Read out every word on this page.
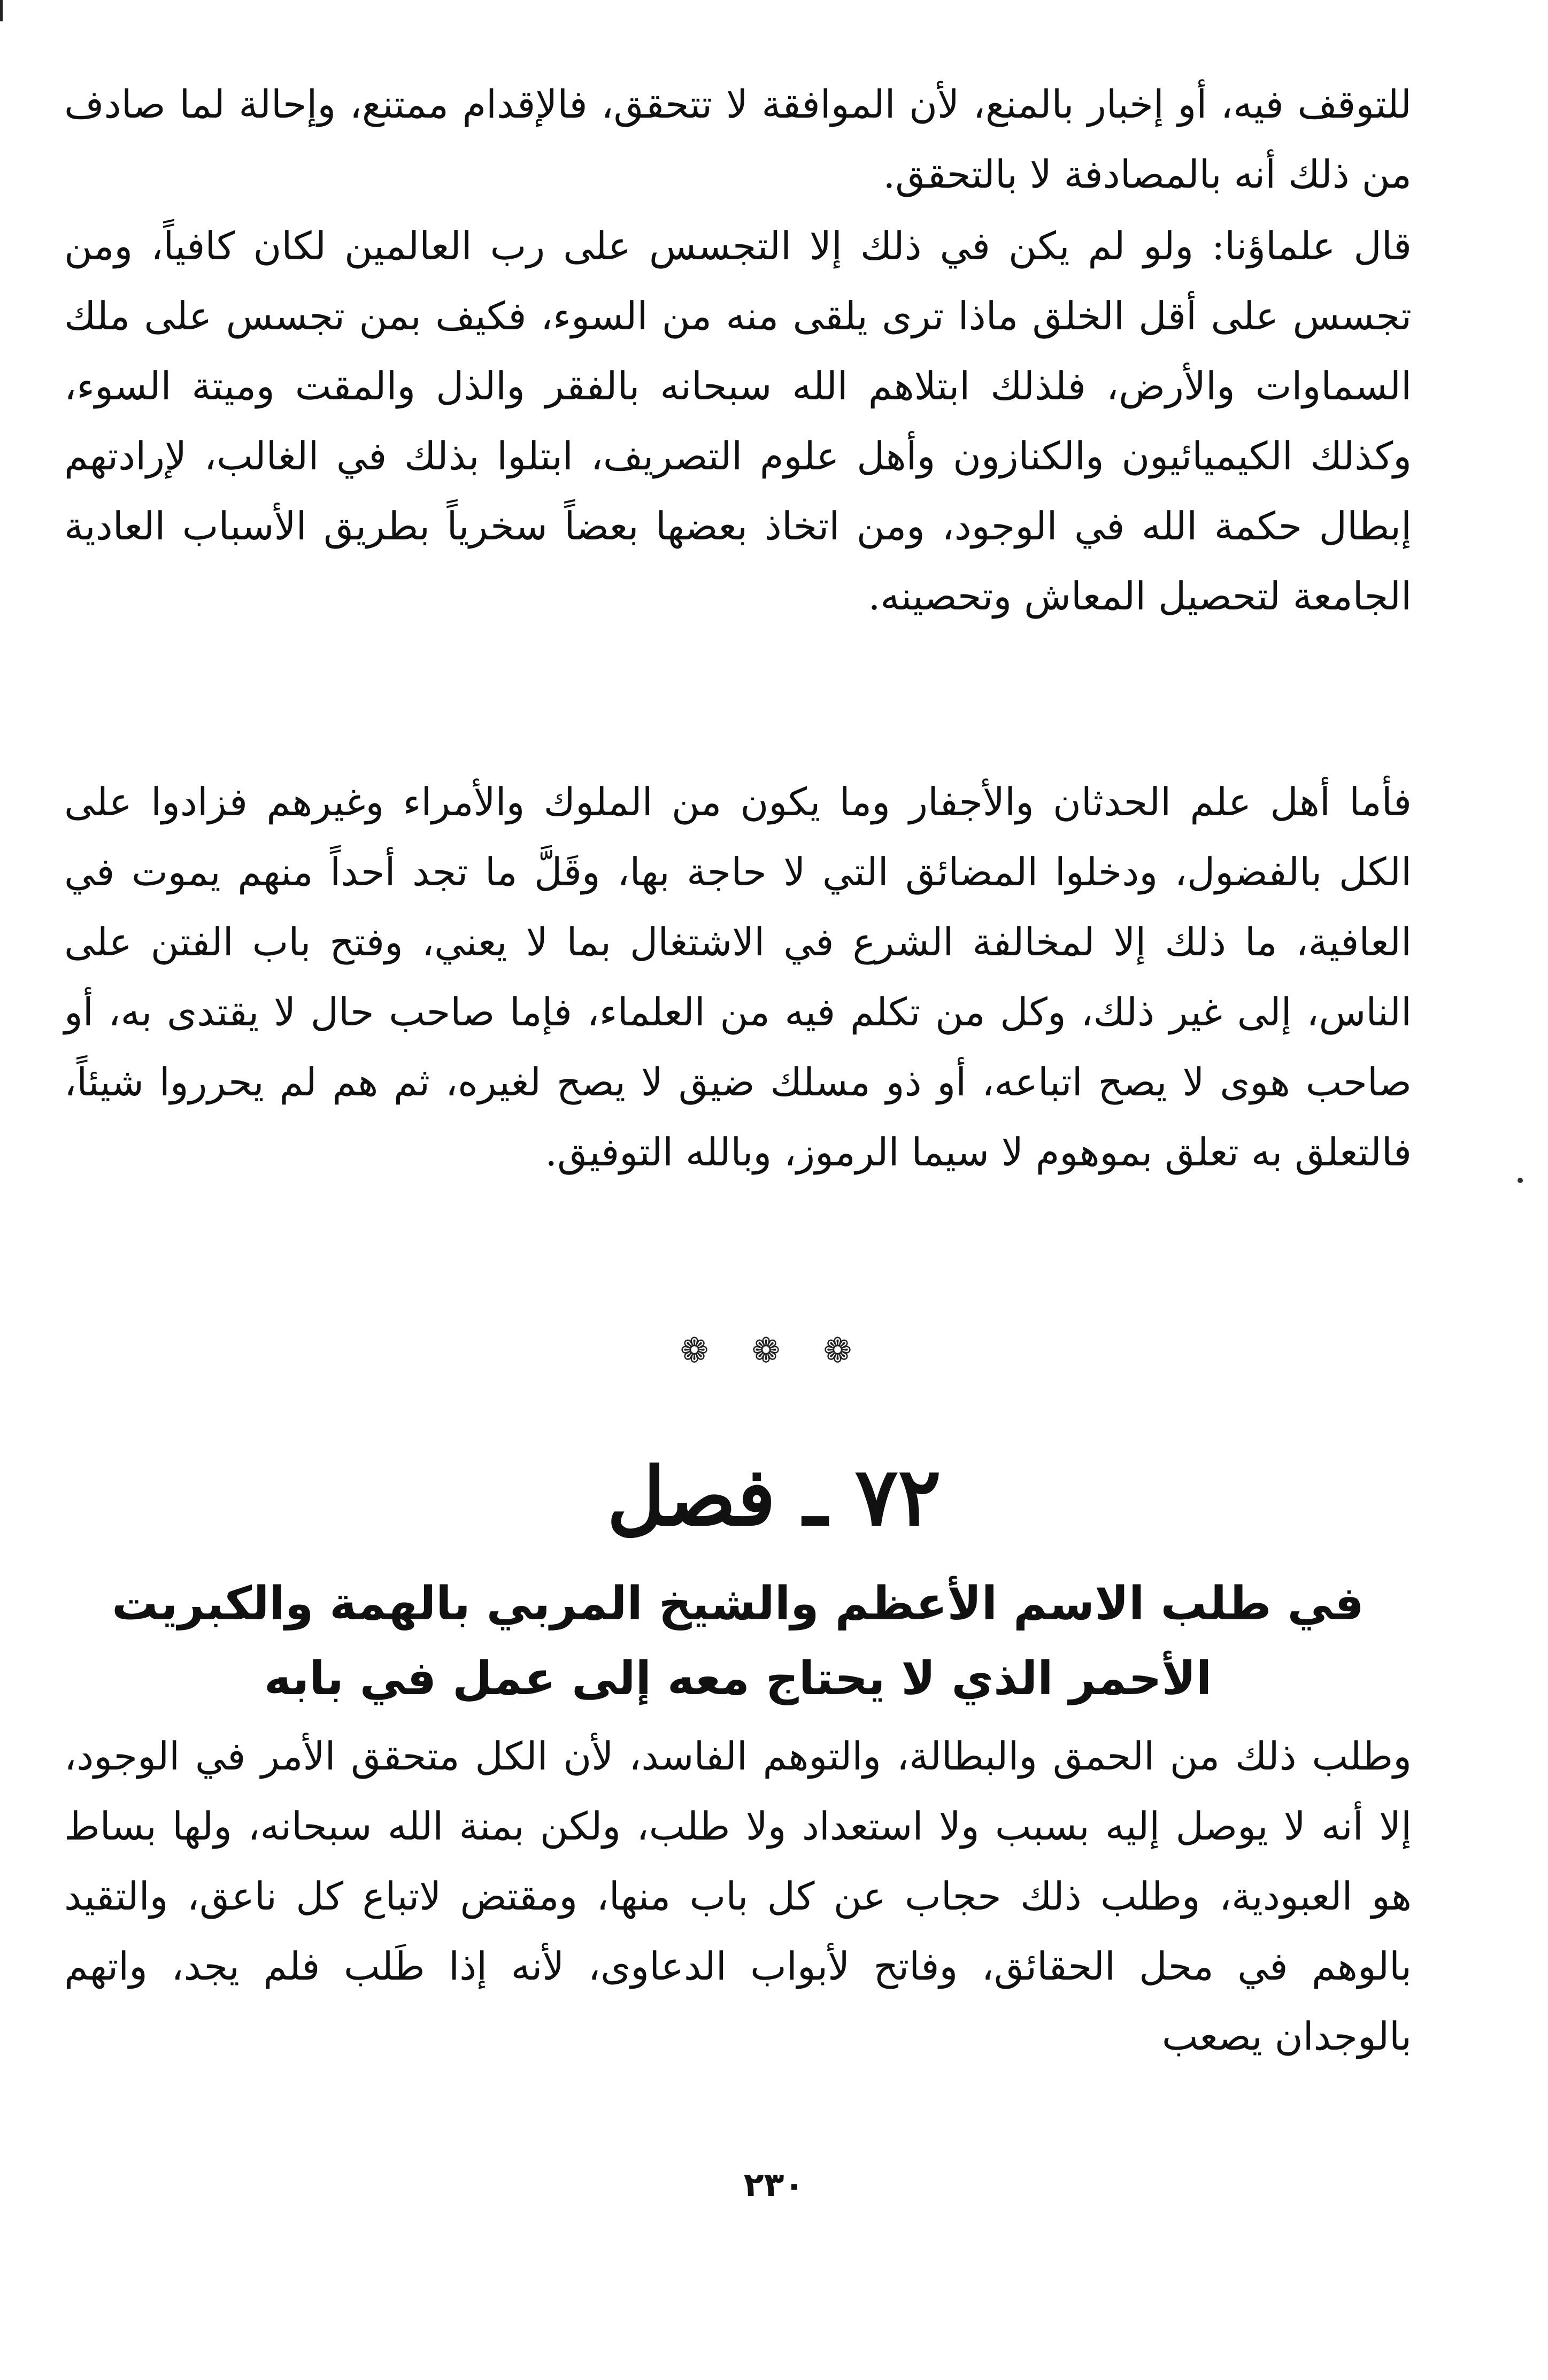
للتوقف فيه، أو إخبار بالمنع، لأن الموافقة لا تتحقق، فالإقدام ممتنع، وإحالة لما صادف من ذلك أنه بالمصادفة لا بالتحقق.

قال علماؤنا: ولو لم يكن في ذلك إلا التجسس على رب العالمين لكان كافياً، ومن تجسس على أقل الخلق ماذا ترى يلقى منه من السوء، فكيف بمن تجسس على ملك السماوات والأرض، فلذلك ابتلاهم الله سبحانه بالفقر والذل والمقت وميتة السوء، وكذلك الكيميائيون والكنازون وأهل علوم التصريف، ابتلوا بذلك في الغالب، لإرادتهم إبطال حكمة الله في الوجود، ومن اتخاذ بعضها بعضاً سخرياً بطريق الأسباب العادية الجامعة لتحصيل المعاش وتحصينه.

فأما أهل علم الحدثان والأجفار وما يكون من الملوك والأمراء وغيرهم فزادوا على الكل بالفضول، ودخلوا المضائق التي لا حاجة بها، وقَلَّ ما تجد أحداً منهم يموت في العافية، ما ذلك إلا لمخالفة الشرع في الاشتغال بما لا يعني، وفتح باب الفتن على الناس، إلى غير ذلك، وكل من تكلم فيه من العلماء، فإما صاحب حال لا يقتدى به، أو صاحب هوى لا يصح اتباعه، أو ذو مسلك ضيق لا يصح لغيره، ثم هم لم يحرروا شيئاً، فالتعلق به تعلق بموهوم لا سيما الرموز، وبالله التوفيق.

❁ ❁ ❁
٧٢ ـ فصل
في طلب الاسم الأعظم والشيخ المربي بالهمة والكبريت الأحمر الذي لا يحتاج معه إلى عمل في بابه

وطلب ذلك من الحمق والبطالة، والتوهم الفاسد، لأن الكل متحقق الأمر في الوجود، إلا أنه لا يوصل إليه بسبب ولا استعداد ولا طلب، ولكن بمنة الله سبحانه، ولها بساط هو العبودية، وطلب ذلك حجاب عن كل باب منها، ومقتض لاتباع كل ناعق، والتقيد بالوهم في محل الحقائق، وفاتح لأبواب الدعاوى، لأنه إذا طَلب فلم يجد، واتهم بالوجدان يصعب

٢٣٠
